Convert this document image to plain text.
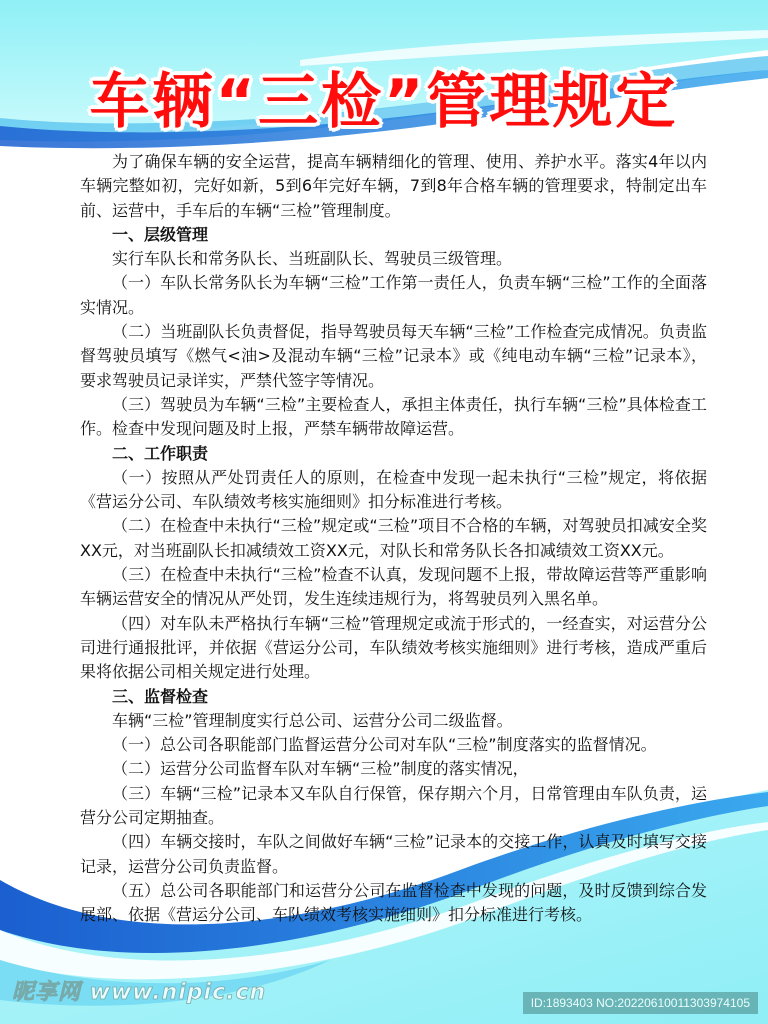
车辆“三检”管理规定

为了确保车辆的安全运营，提高车辆精细化的管理、使用、养护水平。落实4年以内车辆完整如初，完好如新，5到6年完好车辆，7到8年合格车辆的管理要求，特制定出车前、运营中，手车后的车辆“三检”管理制度。

一、层级管理

实行车队长和常务队长、当班副队长、驾驶员三级管理。

（一）车队长常务队长为车辆“三检”工作第一责任人，负责车辆“三检”工作的全面落实情况。

（二）当班副队长负责督促，指导驾驶员每天车辆“三检”工作检查完成情况。负责监督驾驶员填写《燃气<油>及混动车辆“三检”记录本》或《纯电动车辆“三检”记录本》，要求驾驶员记录详实，严禁代签字等情况。

（三）驾驶员为车辆“三检”主要检查人，承担主体责任，执行车辆“三检”具体检查工作。检查中发现问题及时上报，严禁车辆带故障运营。

二、工作职责

（一）按照从严处罚责任人的原则，在检查中发现一起未执行“三检”规定，将依据《营运分公司、车队绩效考核实施细则》扣分标准进行考核。

（二）在检查中未执行“三检”规定或“三检”项目不合格的车辆，对驾驶员扣减安全奖XX元，对当班副队长扣减绩效工资XX元，对队长和常务队长各扣减绩效工资XX元。

（三）在检查中未执行“三检”检查不认真，发现问题不上报，带故障运营等严重影响车辆运营安全的情况从严处罚，发生连续违规行为，将驾驶员列入黑名单。

（四）对车队未严格执行车辆“三检”管理规定或流于形式的，一经查实，对运营分公司进行通报批评，并依据《营运分公司，车队绩效考核实施细则》进行考核，造成严重后果将依据公司相关规定进行处理。

三、监督检查

车辆“三检”管理制度实行总公司、运营分公司二级监督。

（一）总公司各职能部门监督运营分公司对车队“三检”制度落实的监督情况。

（二）运营分公司监督车队对车辆“三检”制度的落实情况，

（三）车辆“三检”记录本又车队自行保管，保存期六个月，日常管理由车队负责，运营分公司定期抽查。

（四）车辆交接时，车队之间做好车辆“三检”记录本的交接工作，认真及时填写交接记录，运营分公司负责监督。

（五）总公司各职能部门和运营分公司在监督检查中发现的问题，及时反馈到综合发展部、依据《营运分公司、车队绩效考核实施细则》扣分标准进行考核。

昵享网 www.nipic.cn	ID:1893403 NO:20220610011303974105
